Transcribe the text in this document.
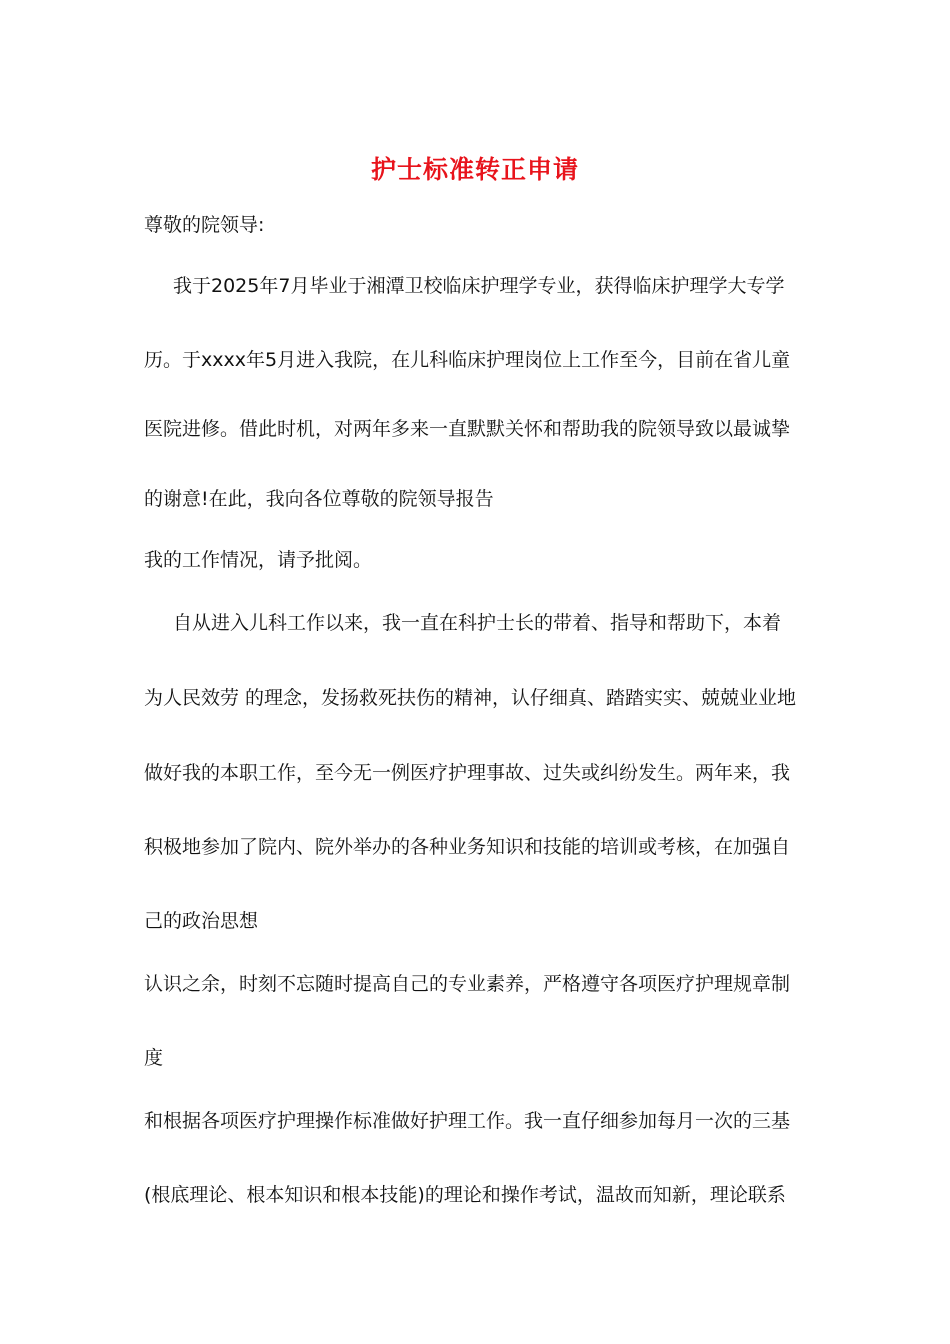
护士标准转正申请

尊敬的院领导:

我于2025年7月毕业于湘潭卫校临床护理学专业，获得临床护理学大专学

历。于xxxx年5月进入我院，在儿科临床护理岗位上工作至今，目前在省儿童

医院进修。借此时机，对两年多来一直默默关怀和帮助我的院领导致以最诚挚

的谢意!在此，我向各位尊敬的院领导报告

我的工作情况，请予批阅。

自从进入儿科工作以来，我一直在科护士长的带着、指导和帮助下，本着

为人民效劳 的理念，发扬救死扶伤的精神，认仔细真、踏踏实实、兢兢业业地

做好我的本职工作，至今无一例医疗护理事故、过失或纠纷发生。两年来，我

积极地参加了院内、院外举办的各种业务知识和技能的培训或考核，在加强自

己的政治思想

认识之余，时刻不忘随时提高自己的专业素养，严格遵守各项医疗护理规章制

度

和根据各项医疗护理操作标准做好护理工作。我一直仔细参加每月一次的三基

(根底理论、根本知识和根本技能)的理论和操作考试，温故而知新，理论联系
